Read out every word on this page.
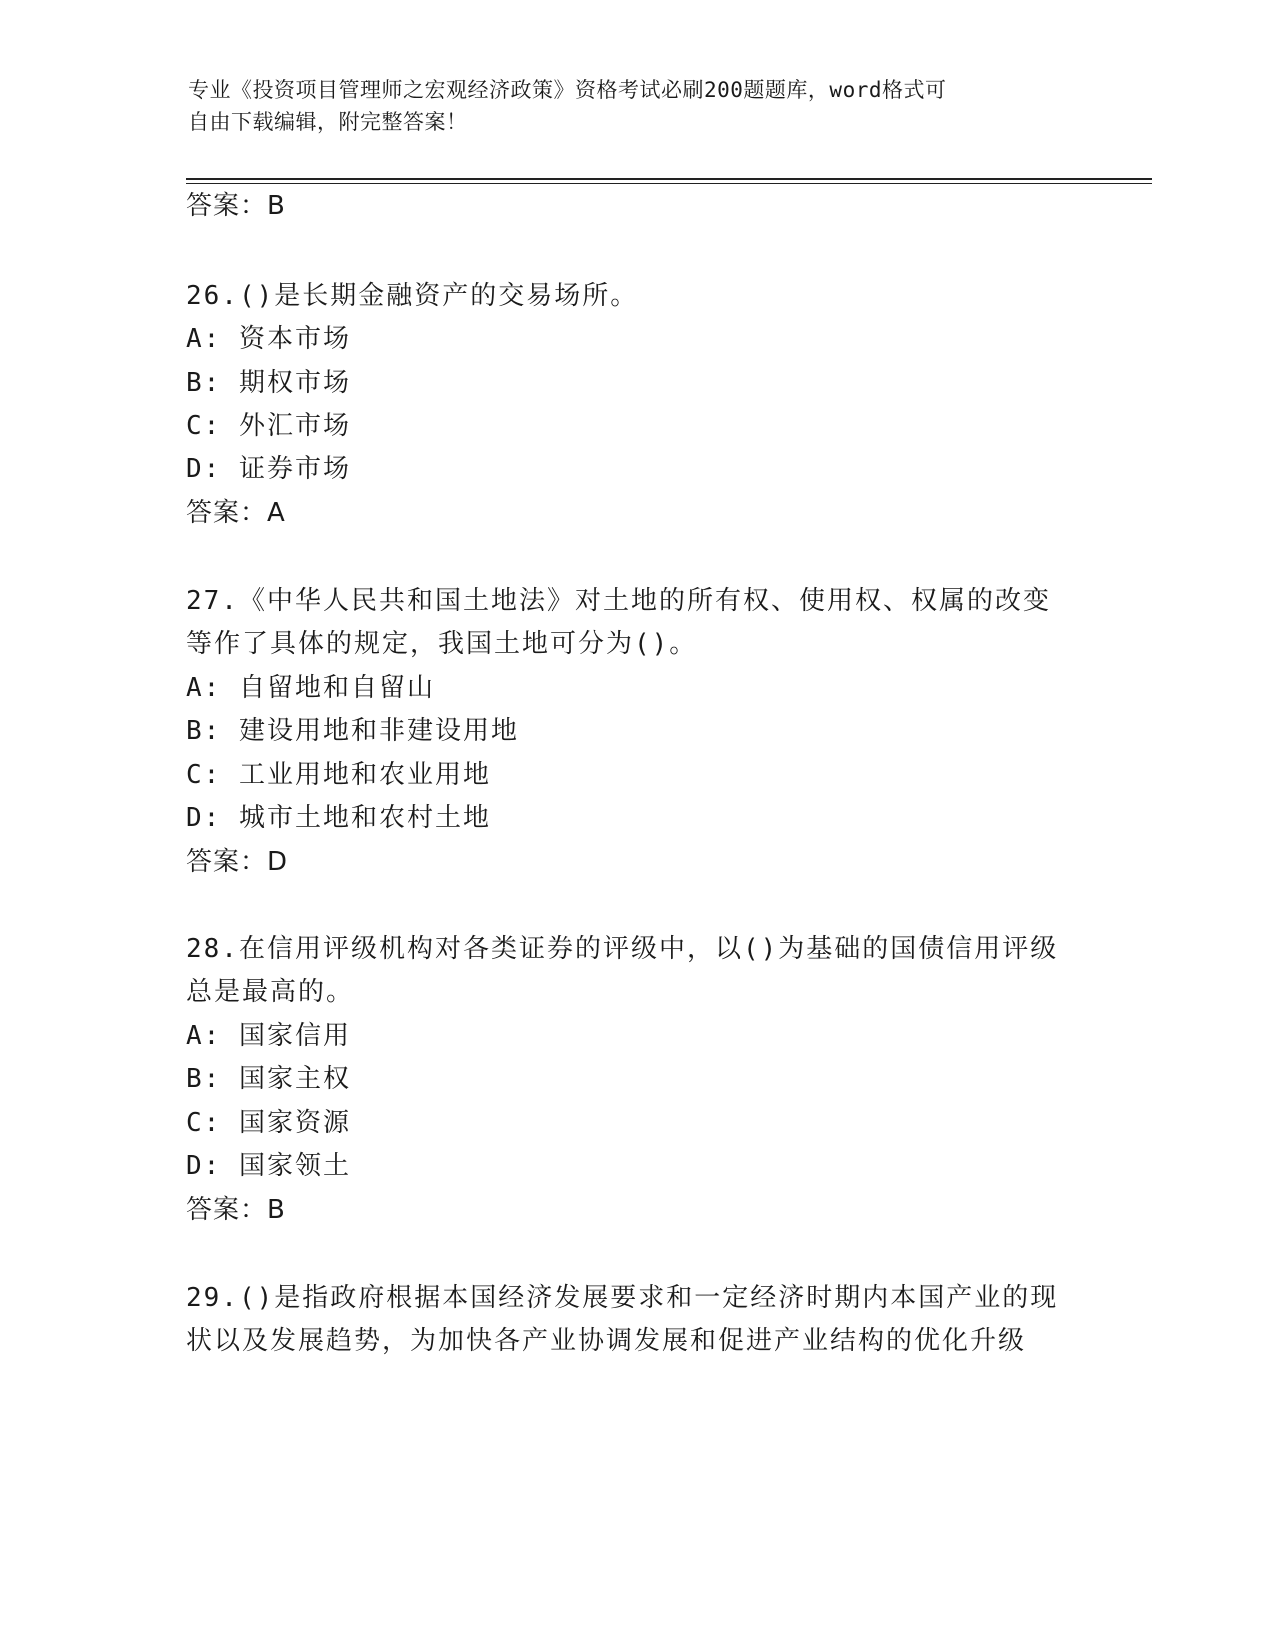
专业《投资项目管理师之宏观经济政策》资格考试必刷200题题库，word格式可
自由下载编辑，附完整答案！
答案：B
26.()是长期金融资产的交易场所。
A: 资本市场
B: 期权市场
C: 外汇市场
D: 证券市场
答案：A
27.《中华人民共和国土地法》对土地的所有权、使用权、权属的改变
等作了具体的规定，我国土地可分为()。
A: 自留地和自留山
B: 建设用地和非建设用地
C: 工业用地和农业用地
D: 城市土地和农村土地
答案：D
28.在信用评级机构对各类证券的评级中，以()为基础的国债信用评级
总是最高的。
A: 国家信用
B: 国家主权
C: 国家资源
D: 国家领土
答案：B
29.()是指政府根据本国经济发展要求和一定经济时期内本国产业的现
状以及发展趋势，为加快各产业协调发展和促进产业结构的优化升级
